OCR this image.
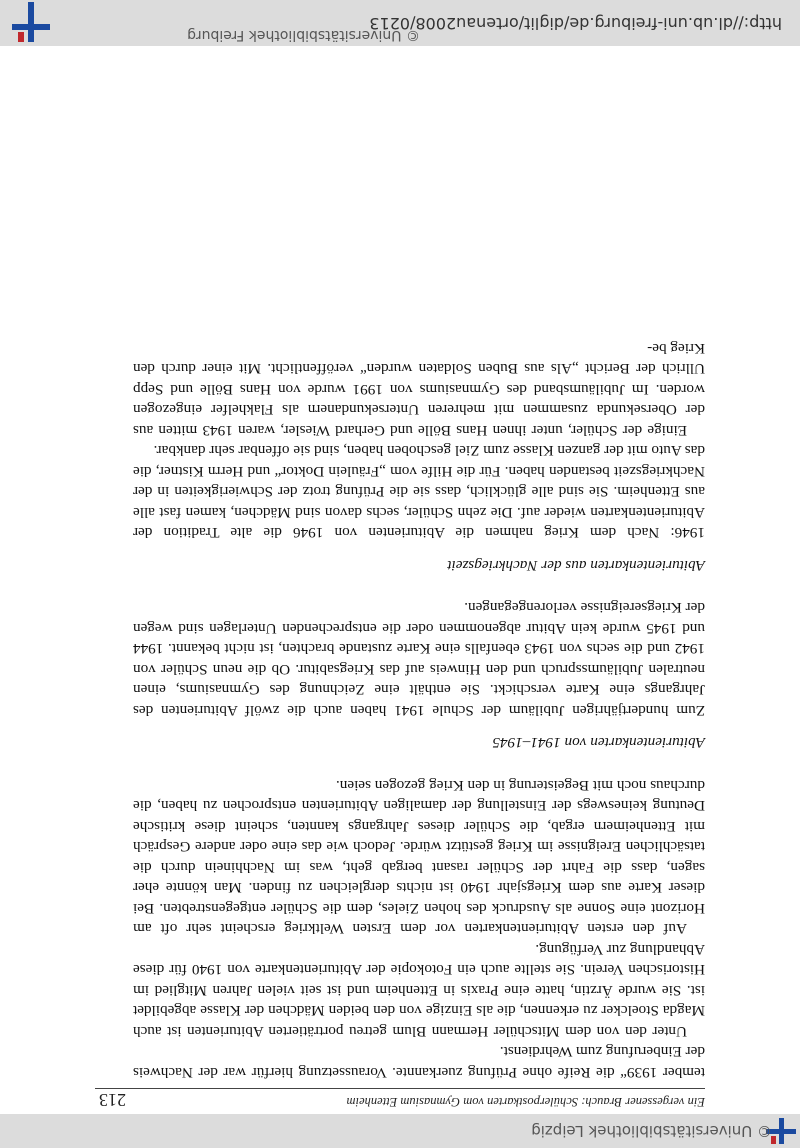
© Universitätsbibliothek Leipzig
Ein vergessener Brauch: Schülerpostkarten vom Gymnasium Ettenheim
213

tember 1939“ die Reife ohne Prüfung zuerkannte. Voraussetzung hierfür war der Nachweis der Einberufung zum Wehrdienst.

Unter den von dem Mitschüler Hermann Blum getreu porträtierten Abiturienten ist auch Magda Stoelcker zu erkennen, die als Einzige von den beiden Mädchen der Klasse abgebildet ist. Sie wurde Ärztin, hatte eine Praxis in Ettenheim und ist seit vielen Jahren Mitglied im Historischen Verein. Sie stellte auch ein Fotokopie der Abiturientenkarte von 1940 für diese Abhandlung zur Verfügung.

Auf den ersten Abiturientenkarten vor dem Ersten Weltkrieg erscheint sehr oft am Horizont eine Sonne als Ausdruck des hohen Zieles, dem die Schüler entgegenstrebten. Bei dieser Karte aus dem Kriegsjahr 1940 ist nichts dergleichen zu finden. Man könnte eher sagen, dass die Fahrt der Schüler rasant bergab geht, was im Nachhinein durch die tatsächlichen Ereignisse im Krieg gestützt würde. Jedoch wie das eine oder andere Gespräch mit Ettenheimern ergab, die Schüler dieses Jahrgangs kannten, scheint diese kritische Deutung keineswegs der Einstellung der damaligen Abiturienten entsprochen zu haben, die durchaus noch mit Begeisterung in den Krieg gezogen seien.

Abiturientenkarten von 1941–1945

Zum hundertjährigen Jubiläum der Schule 1941 haben auch die zwölf Abiturienten des Jahrgangs eine Karte verschickt. Sie enthält eine Zeichnung des Gymnasiums, einen neutralen Jubiläumsspruch und den Hinweis auf das Kriegsabitur. Ob die neun Schüler von 1942 und die sechs von 1943 ebenfalls eine Karte zustande brachten, ist nicht bekannt. 1944 und 1945 wurde kein Abitur abgenommen oder die entsprechenden Unterlagen sind wegen der Kriegsereignisse verlorengegangen.

Abiturientenkarten aus der Nachkriegszeit

1946: Nach dem Krieg nahmen die Abiturienten von 1946 die alte Tradition der Abiturientenkarten wieder auf. Die zehn Schüler, sechs davon sind Mädchen, kamen fast alle aus Ettenheim. Sie sind alle glücklich, dass sie die Prüfung trotz der Schwierigkeiten in der Nachkriegszeit bestanden haben. Für die Hilfe vom „Fräulein Doktor“ und Herrn Kistner, die das Auto mit der ganzen Klasse zum Ziel geschoben haben, sind sie offenbar sehr dankbar.

Einige der Schüler, unter ihnen Hans Bölle und Gerhard Wiesler, waren 1943 mitten aus der Obersekunda zusammen mit mehreren Untersekundanern als Flakhelfer eingezogen worden. Im Jubiläumsband des Gymnasiums von 1991 wurde von Hans Bölle und Sepp Ullrich der Bericht „Als aus Buben Soldaten wurden“ veröffentlicht. Mit einer durch den Krieg be-

© Universitätsbibliothek Freiburg
http://dl.ub.uni-freiburg.de/diglit/ortenau2008/0213
